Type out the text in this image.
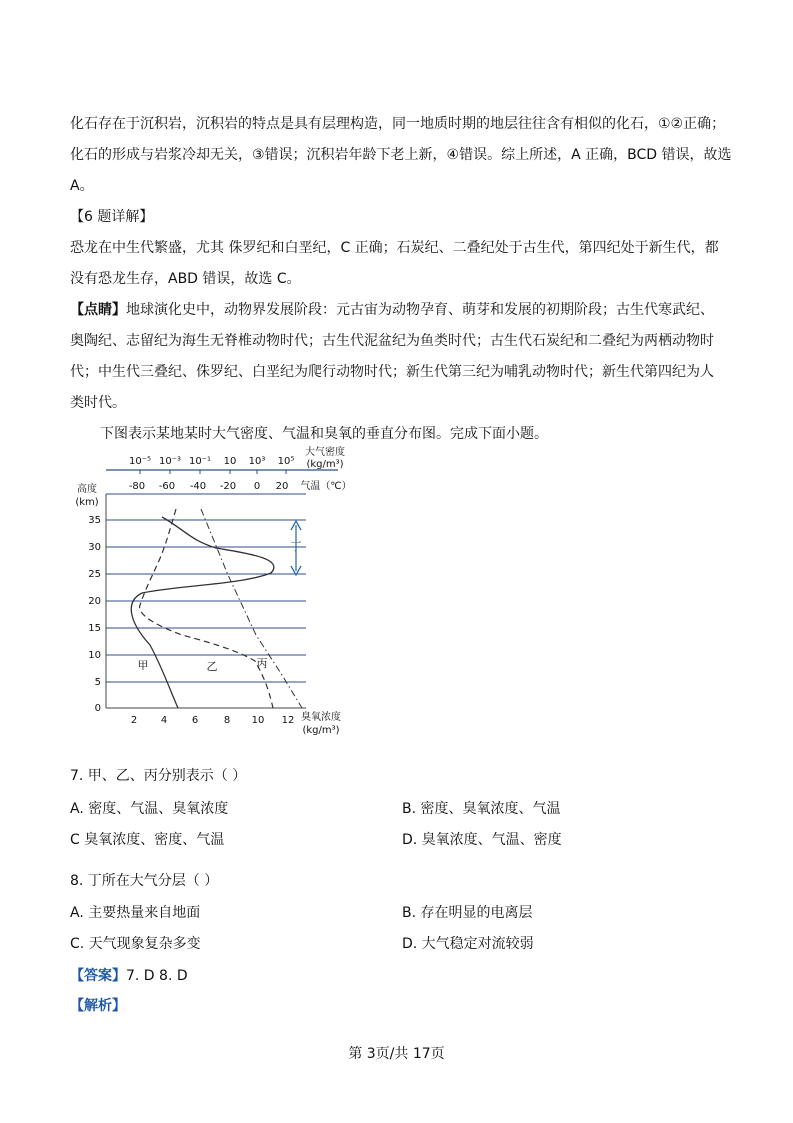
化石存在于沉积岩，沉积岩的特点是具有层理构造，同一地质时期的地层往往含有相似的化石，①②正确；
化石的形成与岩浆冷却无关，③错误；沉积岩年龄下老上新，④错误。综上所述，A 正确，BCD 错误，故选
A。
【6 题详解】
恐龙在中生代繁盛，尤其 侏罗纪和白垩纪，C 正确；石炭纪、二叠纪处于古生代，第四纪处于新生代，都
没有恐龙生存，ABD 错误，故选 C。
【点睛】地球演化史中，动物界发展阶段：元古宙为动物孕育、萌芽和发展的初期阶段；古生代寒武纪、
奥陶纪、志留纪为海生无脊椎动物时代；古生代泥盆纪为鱼类时代；古生代石炭纪和二叠纪为两栖动物时
代；中生代三叠纪、侏罗纪、白垩纪为爬行动物时代；新生代第三纪为哺乳动物时代；新生代第四纪为人
类时代。
下图表示某地某时大气密度、气温和臭氧的垂直分布图。完成下面小题。
大气密度
(kg/m³)
10⁻⁵ 10⁻³ 10⁻¹ 10 10³ 10⁵
-80 -60 -40 -20 0 20 气温（℃）
高度
(km)
0
5
10
15
20
25
30
35
2 4 6	8 10 12 臭氧浓度
(kg/m³)
甲	乙	丙
丁
7. 甲、乙、丙分别表示（ ）
A. 密度、气温、臭氧浓度	B. 密度、臭氧浓度、气温
C 臭氧浓度、密度、气温	D. 臭氧浓度、气温、密度
8. 丁所在大气分层（ ）
A. 主要热量来自地面	B. 存在明显的电离层
C. 天气现象复杂多变	D. 大气稳定对流较弱
【答案】7. D 8. D
【解析】
第 3页/共 17页
